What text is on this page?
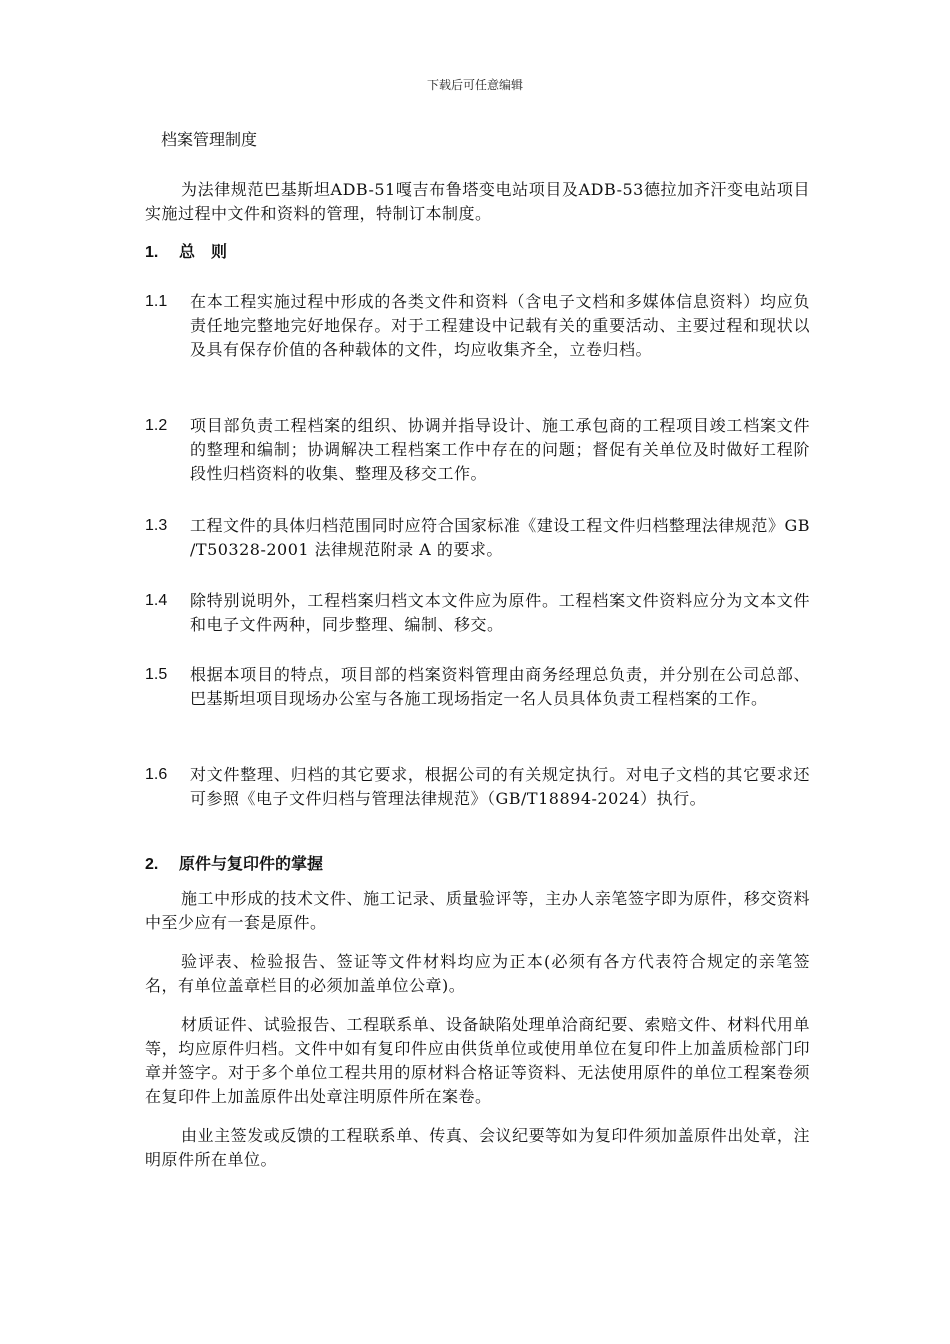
下载后可任意编辑
档案管理制度
为法律规范巴基斯坦ADB-51嘎吉布鲁塔变电站项目及ADB-53德拉加齐汗变电站项目实施过程中文件和资料的管理，特制订本制度。
1. 总　则
1.1 在本工程实施过程中形成的各类文件和资料（含电子文档和多媒体信息资料）均应负责任地完整地完好地保存。对于工程建设中记载有关的重要活动、主要过程和现状以及具有保存价值的各种载体的文件，均应收集齐全，立卷归档。
1.2 项目部负责工程档案的组织、协调并指导设计、施工承包商的工程项目竣工档案文件的整理和编制；协调解决工程档案工作中存在的问题；督促有关单位及时做好工程阶段性归档资料的收集、整理及移交工作。
1.3 工程文件的具体归档范围同时应符合国家标准《建设工程文件归档整理法律规范》GB /T50328-2001 法律规范附录 A 的要求。
1.4 除特别说明外，工程档案归档文本文件应为原件。工程档案文件资料应分为文本文件和电子文件两种，同步整理、编制、移交。
1.5 根据本项目的特点，项目部的档案资料管理由商务经理总负责，并分别在公司总部、巴基斯坦项目现场办公室与各施工现场指定一名人员具体负责工程档案的工作。
1.6 对文件整理、归档的其它要求，根据公司的有关规定执行。对电子文档的其它要求还可参照《电子文件归档与管理法律规范》（GB/T18894-2024）执行。
2. 原件与复印件的掌握
施工中形成的技术文件、施工记录、质量验评等，主办人亲笔签字即为原件，移交资料中至少应有一套是原件。
验评表、检验报告、签证等文件材料均应为正本(必须有各方代表符合规定的亲笔签名，有单位盖章栏目的必须加盖单位公章)。
材质证件、试验报告、工程联系单、设备缺陷处理单洽商纪要、索赔文件、材料代用单等，均应原件归档。文件中如有复印件应由供货单位或使用单位在复印件上加盖质检部门印章并签字。对于多个单位工程共用的原材料合格证等资料、无法使用原件的单位工程案卷须在复印件上加盖原件出处章注明原件所在案卷。
由业主签发或反馈的工程联系单、传真、会议纪要等如为复印件须加盖原件出处章，注明原件所在单位。
